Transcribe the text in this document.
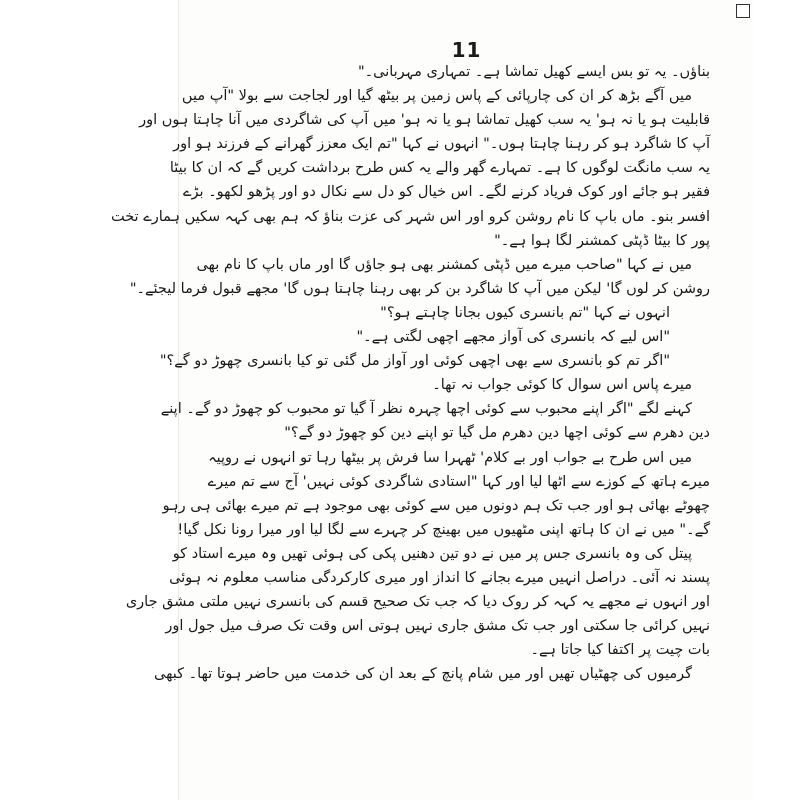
11
بناؤں۔ یہ تو بس ایسے کھیل تماشا ہے۔ تمہاری مہربانی۔"
میں آگے بڑھ کر ان کی چارپائی کے پاس زمین پر بیٹھ گیا اور لجاجت سے بولا "آپ میں
قابلیت ہو یا نہ ہو' یہ سب کھیل تماشا ہو یا نہ ہو' میں آپ کی شاگردی میں آنا چاہتا ہوں اور
آپ کا شاگرد ہو کر رہنا چاہتا ہوں۔" انہوں نے کہا "تم ایک معزز گھرانے کے فرزند ہو اور
یہ سب مانگت لوگوں کا ہے۔ تمہارے گھر والے یہ کس طرح برداشت کریں گے کہ ان کا بیٹا
فقیر ہو جائے اور کوک فریاد کرنے لگے۔ اس خیال کو دل سے نکال دو اور پڑھو لکھو۔ بڑے
افسر بنو۔ ماں باپ کا نام روشن کرو اور اس شہر کی عزت بناؤ کہ ہم بھی کہہ سکیں ہمارے تخت
پور کا بیٹا ڈپٹی کمشنر لگا ہوا ہے۔"
میں نے کہا "صاحب میرے میں ڈپٹی کمشنر بھی ہو جاؤں گا اور ماں باپ کا نام بھی
روشن کر لوں گا' لیکن میں آپ کا شاگرد بن کر بھی رہنا چاہتا ہوں گا' مجھے قبول فرما لیجئے۔"
انہوں نے کہا "تم بانسری کیوں بجانا چاہتے ہو؟"
"اس لیے کہ بانسری کی آواز مجھے اچھی لگتی ہے۔"
"اگر تم کو بانسری سے بھی اچھی کوئی اور آواز مل گئی تو کیا بانسری چھوڑ دو گے؟"
میرے پاس اس سوال کا کوئی جواب نہ تھا۔
کہنے لگے "اگر اپنے محبوب سے کوئی اچھا چہرہ نظر آ گیا تو محبوب کو چھوڑ دو گے۔ اپنے
دین دھرم سے کوئی اچھا دین دھرم مل گیا تو اپنے دین کو چھوڑ دو گے؟"
میں اس طرح بے جواب اور بے کلام' ٹھہرا سا فرش پر بیٹھا رہا تو انہوں نے روپیہ
میرے ہاتھ کے کوزے سے اٹھا لیا اور کہا "استادی شاگردی کوئی نہیں' آج سے تم میرے
چھوٹے بھائی ہو اور جب تک ہم دونوں میں سے کوئی بھی موجود ہے تم میرے بھائی ہی رہو
گے۔" میں نے ان کا ہاتھ اپنی مٹھیوں میں بھینچ کر چہرے سے لگا لیا اور میرا رونا نکل گیا!
پیتل کی وہ بانسری جس پر میں نے دو تین دھنیں پکی کی ہوئی تھیں وہ میرے استاد کو
پسند نہ آئی۔ دراصل انہیں میرے بجانے کا انداز اور میری کارکردگی مناسب معلوم نہ ہوئی
اور انہوں نے مجھے یہ کہہ کر روک دیا کہ جب تک صحیح قسم کی بانسری نہیں ملتی مشق جاری
نہیں کرائی جا سکتی اور جب تک مشق جاری نہیں ہوتی اس وقت تک صرف میل جول اور
بات چیت پر اکتفا کیا جاتا ہے۔
گرمیوں کی چھٹیاں تھیں اور میں شام پانچ کے بعد ان کی خدمت میں حاضر ہوتا تھا۔ کبھی
